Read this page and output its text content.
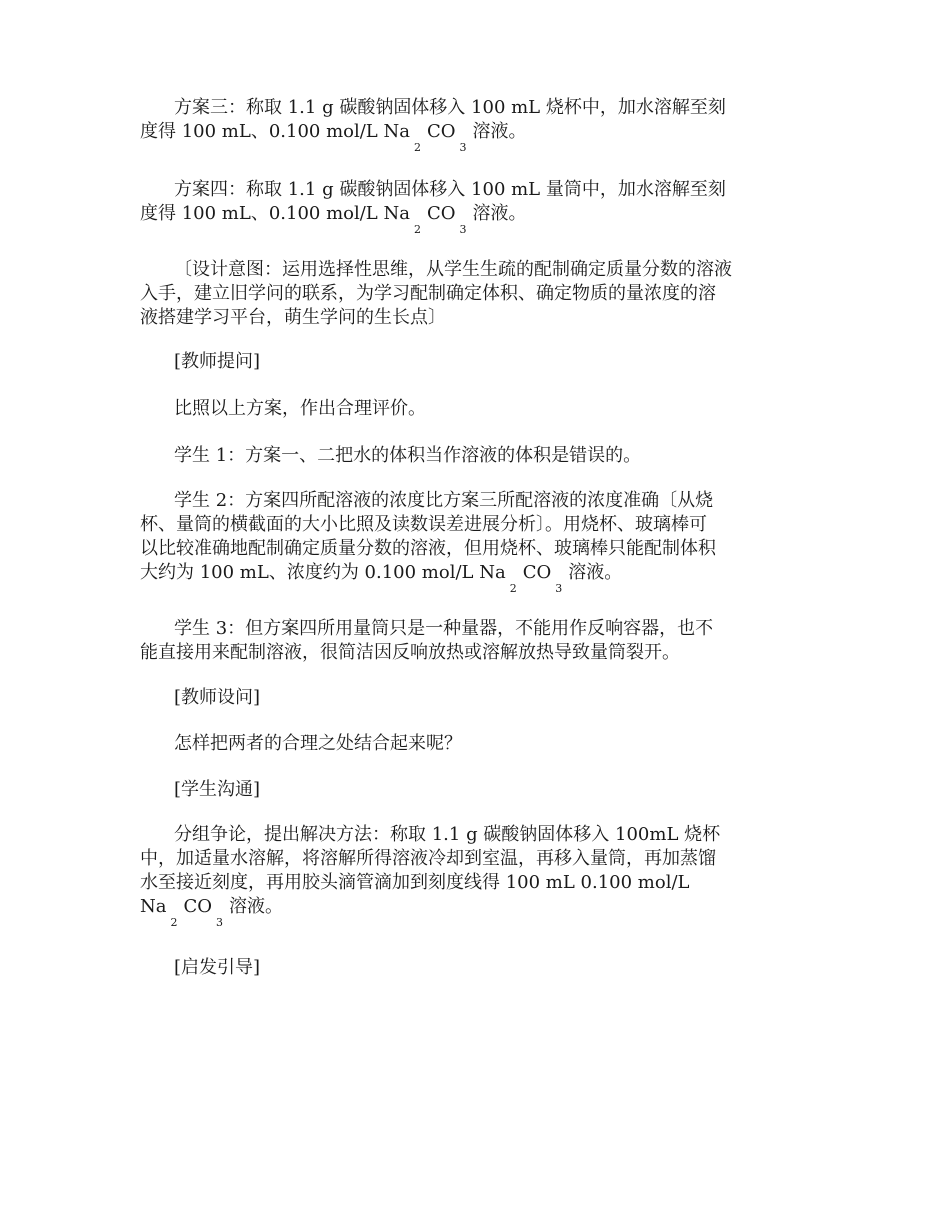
方案三：称取 1.1 g 碳酸钠固体移入 100 mL 烧杯中，加水溶解至刻
度得 100 mL、0.100 mol/L $Na_2CO_3$溶液。
方案四：称取 1.1 g 碳酸钠固体移入 100 mL 量筒中，加水溶解至刻
度得 100 mL、0.100 mol/L $Na_2CO_3$溶液。
〔设计意图：运用选择性思维，从学生生疏的配制确定质量分数的溶液
入手，建立旧学问的联系，为学习配制确定体积、确定物质的量浓度的溶
液搭建学习平台，萌生学问的生长点〕
[教师提问]
比照以上方案，作出合理评价。
学生 1：方案一、二把水的体积当作溶液的体积是错误的。
学生 2：方案四所配溶液的浓度比方案三所配溶液的浓度准确〔从烧
杯、量筒的横截面的大小比照及读数误差进展分析〕。用烧杯、玻璃棒可
以比较准确地配制确定质量分数的溶液，但用烧杯、玻璃棒只能配制体积
大约为 100 mL、浓度约为 0.100 mol/L $Na_2CO_3$溶液。
学生 3：但方案四所用量筒只是一种量器，不能用作反响容器，也不
能直接用来配制溶液，很简洁因反响放热或溶解放热导致量筒裂开。
[教师设问]
怎样把两者的合理之处结合起来呢？
[学生沟通]
分组争论，提出解决方法：称取 1.1 g 碳酸钠固体移入 100mL 烧杯
中，加适量水溶解，将溶解所得溶液冷却到室温，再移入量筒，再加蒸馏
水至接近刻度，再用胶头滴管滴加到刻度线得 100 mL 0.100 mol/L
$Na_2CO_3$溶液。
[启发引导]
